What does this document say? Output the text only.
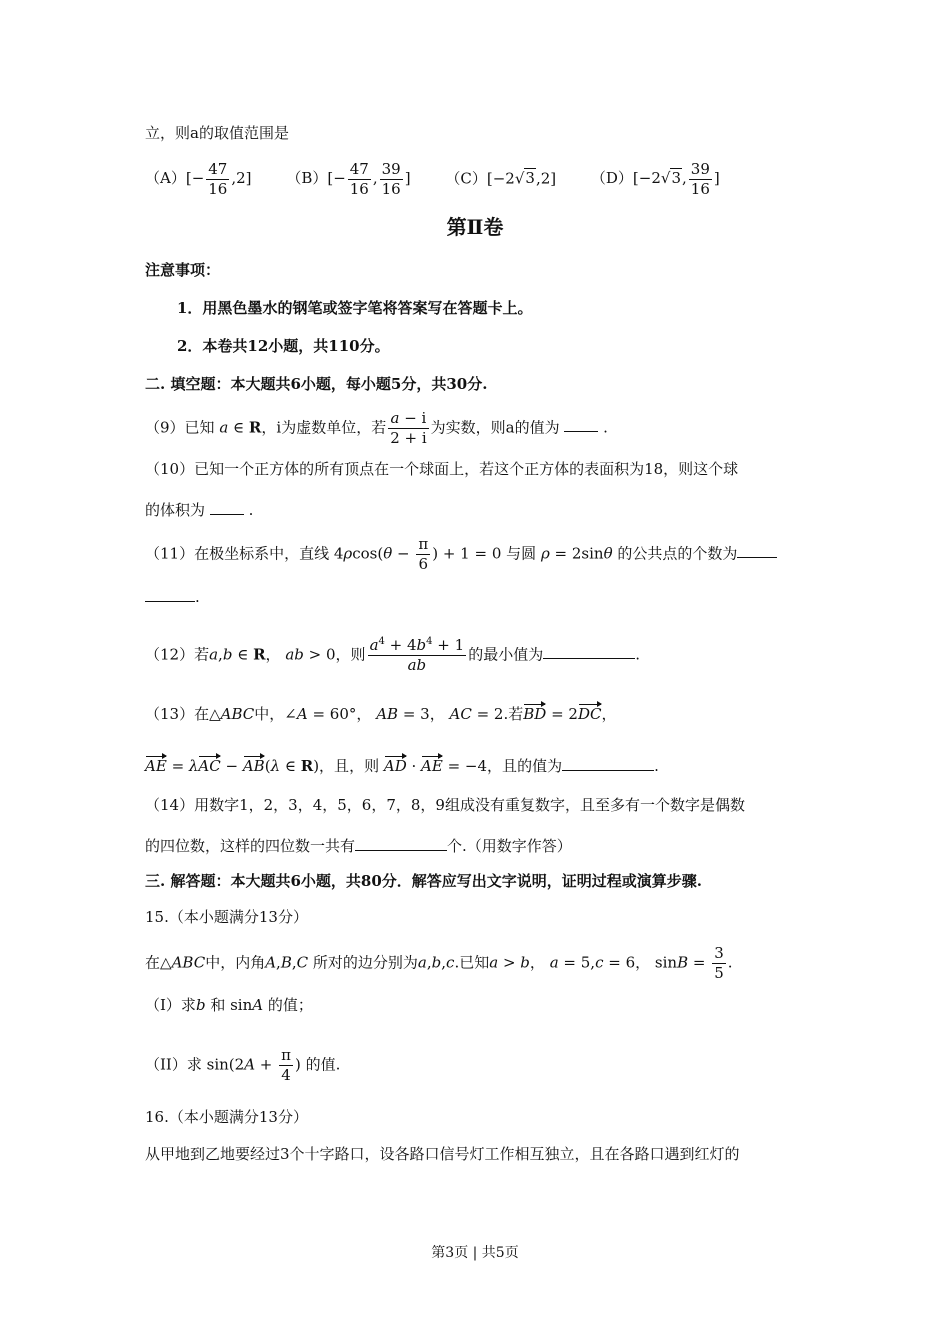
立，则a的取值范围是
$(A)[- \frac{47}{16} ,2]$ $(B)[- \frac{47}{16}$ , $\frac{39}{16}$ ] （C）[−2√3,2] （D）[−2√3, $\frac{39}{16}$ ]
第Ⅱ卷
注意事项：
1．用黑色墨水的钢笔或签字笔将答案写在答题卡上。
2．本卷共12小题，共110分。
二. 填空题：本大题共6小题，每小题5分，共30分.
（9）已知 a ∈ R，i为虚数单位，若 $\frac{a - i}{2 + i}$ 为实数，则a的值为	.
（10）已知一个正方体的所有顶点在一个球面上，若这个正方体的表面积为18，则这个球
的体积为	.
（11）在极坐标系中，直线 $4\rho\cos(\theta - \frac{\pi}{6}$ ) + 1 = 0 与圆 ρ = 2sinθ 的公共点的个数为
.
（12）若a,b ∈ R， ab > 0，则 $\frac{a^4 + 4b^4 + 1}{ab}$ 的最小值为	.
（13）在△ABC中，∠A = 60°， AB = 3， AC = 2.若BD = 2DC，
AE = λAC − AB(λ ∈ R)，且，则 AD · AE = −4，且的值为	.
（14）用数字1，2，3，4，5，6，7，8，9组成没有重复数字，且至多有一个数字是偶数
的四位数，这样的四位数一共有	个.（用数字作答）
三. 解答题：本大题共6小题，共80分．解答应写出文字说明，证明过程或演算步骤.
15.（本小题满分13分）
在△ABC中，内角A,B,C 所对的边分别为a,b,c.已知a > b， a = 5,c = 6， $\sin B = \frac{3}{5}$ .
（I）求b 和 sinA 的值；
（II）求 $\sin(2A + \frac{\pi}{4}$ ) 的值.
16.（本小题满分13分）
从甲地到乙地要经过3个十字路口，设各路口信号灯工作相互独立，且在各路口遇到红灯的
第3页 | 共5页
